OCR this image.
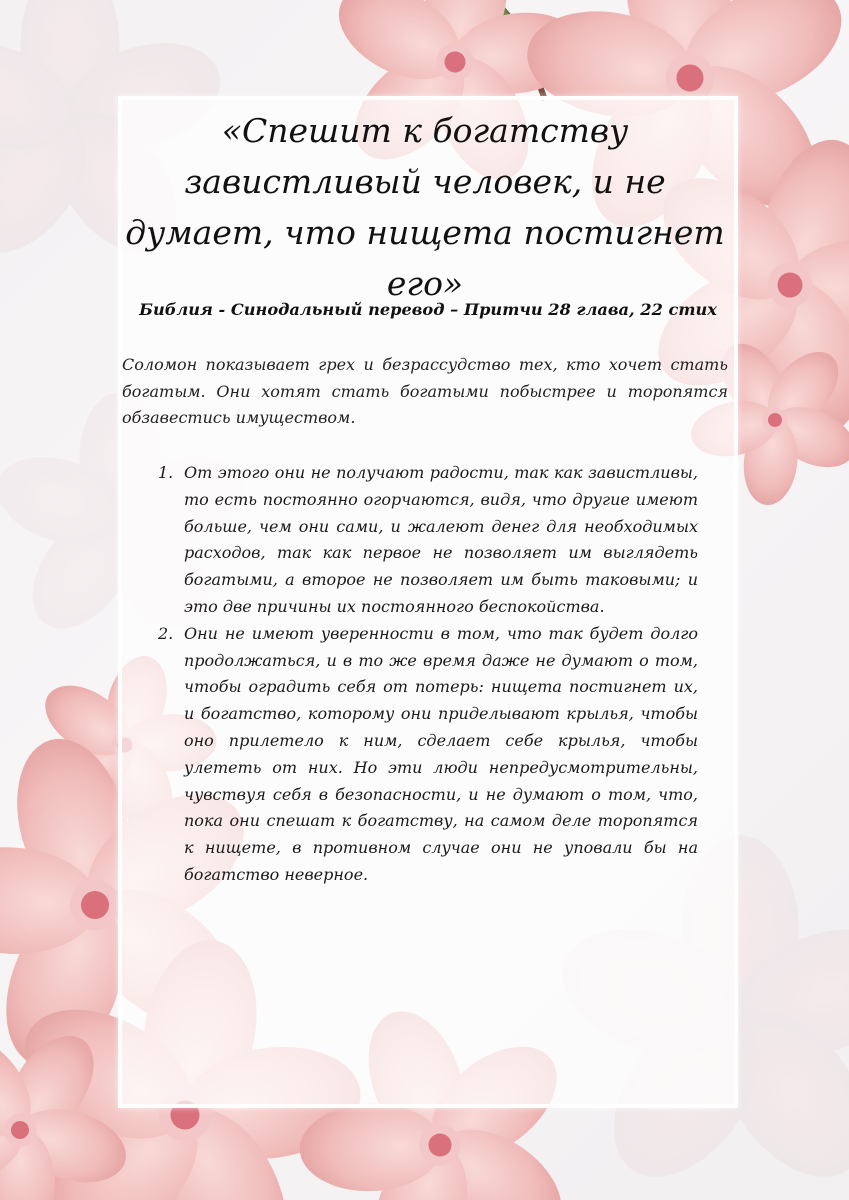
«Спешит к богатству завистливый человек, и не думает, что нищета постигнет его»

Библия - Синодальный перевод – Притчи 28 глава, 22 стих

Соломон показывает грех и безрассудство тех, кто хочет стать богатым. Они хотят стать богатыми побыстрее и торопятся обзавестись имуществом.

1. От этого они не получают радости, так как завистливы, то есть постоянно огорчаются, видя, что другие имеют больше, чем они сами, и жалеют денег для необходимых расходов, так как первое не позволяет им выглядеть богатыми, а второе не позволяет им быть таковыми; и это две причины их постоянного беспокойства.
2. Они не имеют уверенности в том, что так будет долго продолжаться, и в то же время даже не думают о том, чтобы оградить себя от потерь: нищета постигнет их, и богатство, которому они приделывают крылья, чтобы оно прилетело к ним, сделает себе крылья, чтобы улететь от них. Но эти люди непредусмотрительны, чувствуя себя в безопасности, и не думают о том, что, пока они спешат к богатству, на самом деле торопятся к нищете, в противном случае они не уповали бы на богатство неверное.
